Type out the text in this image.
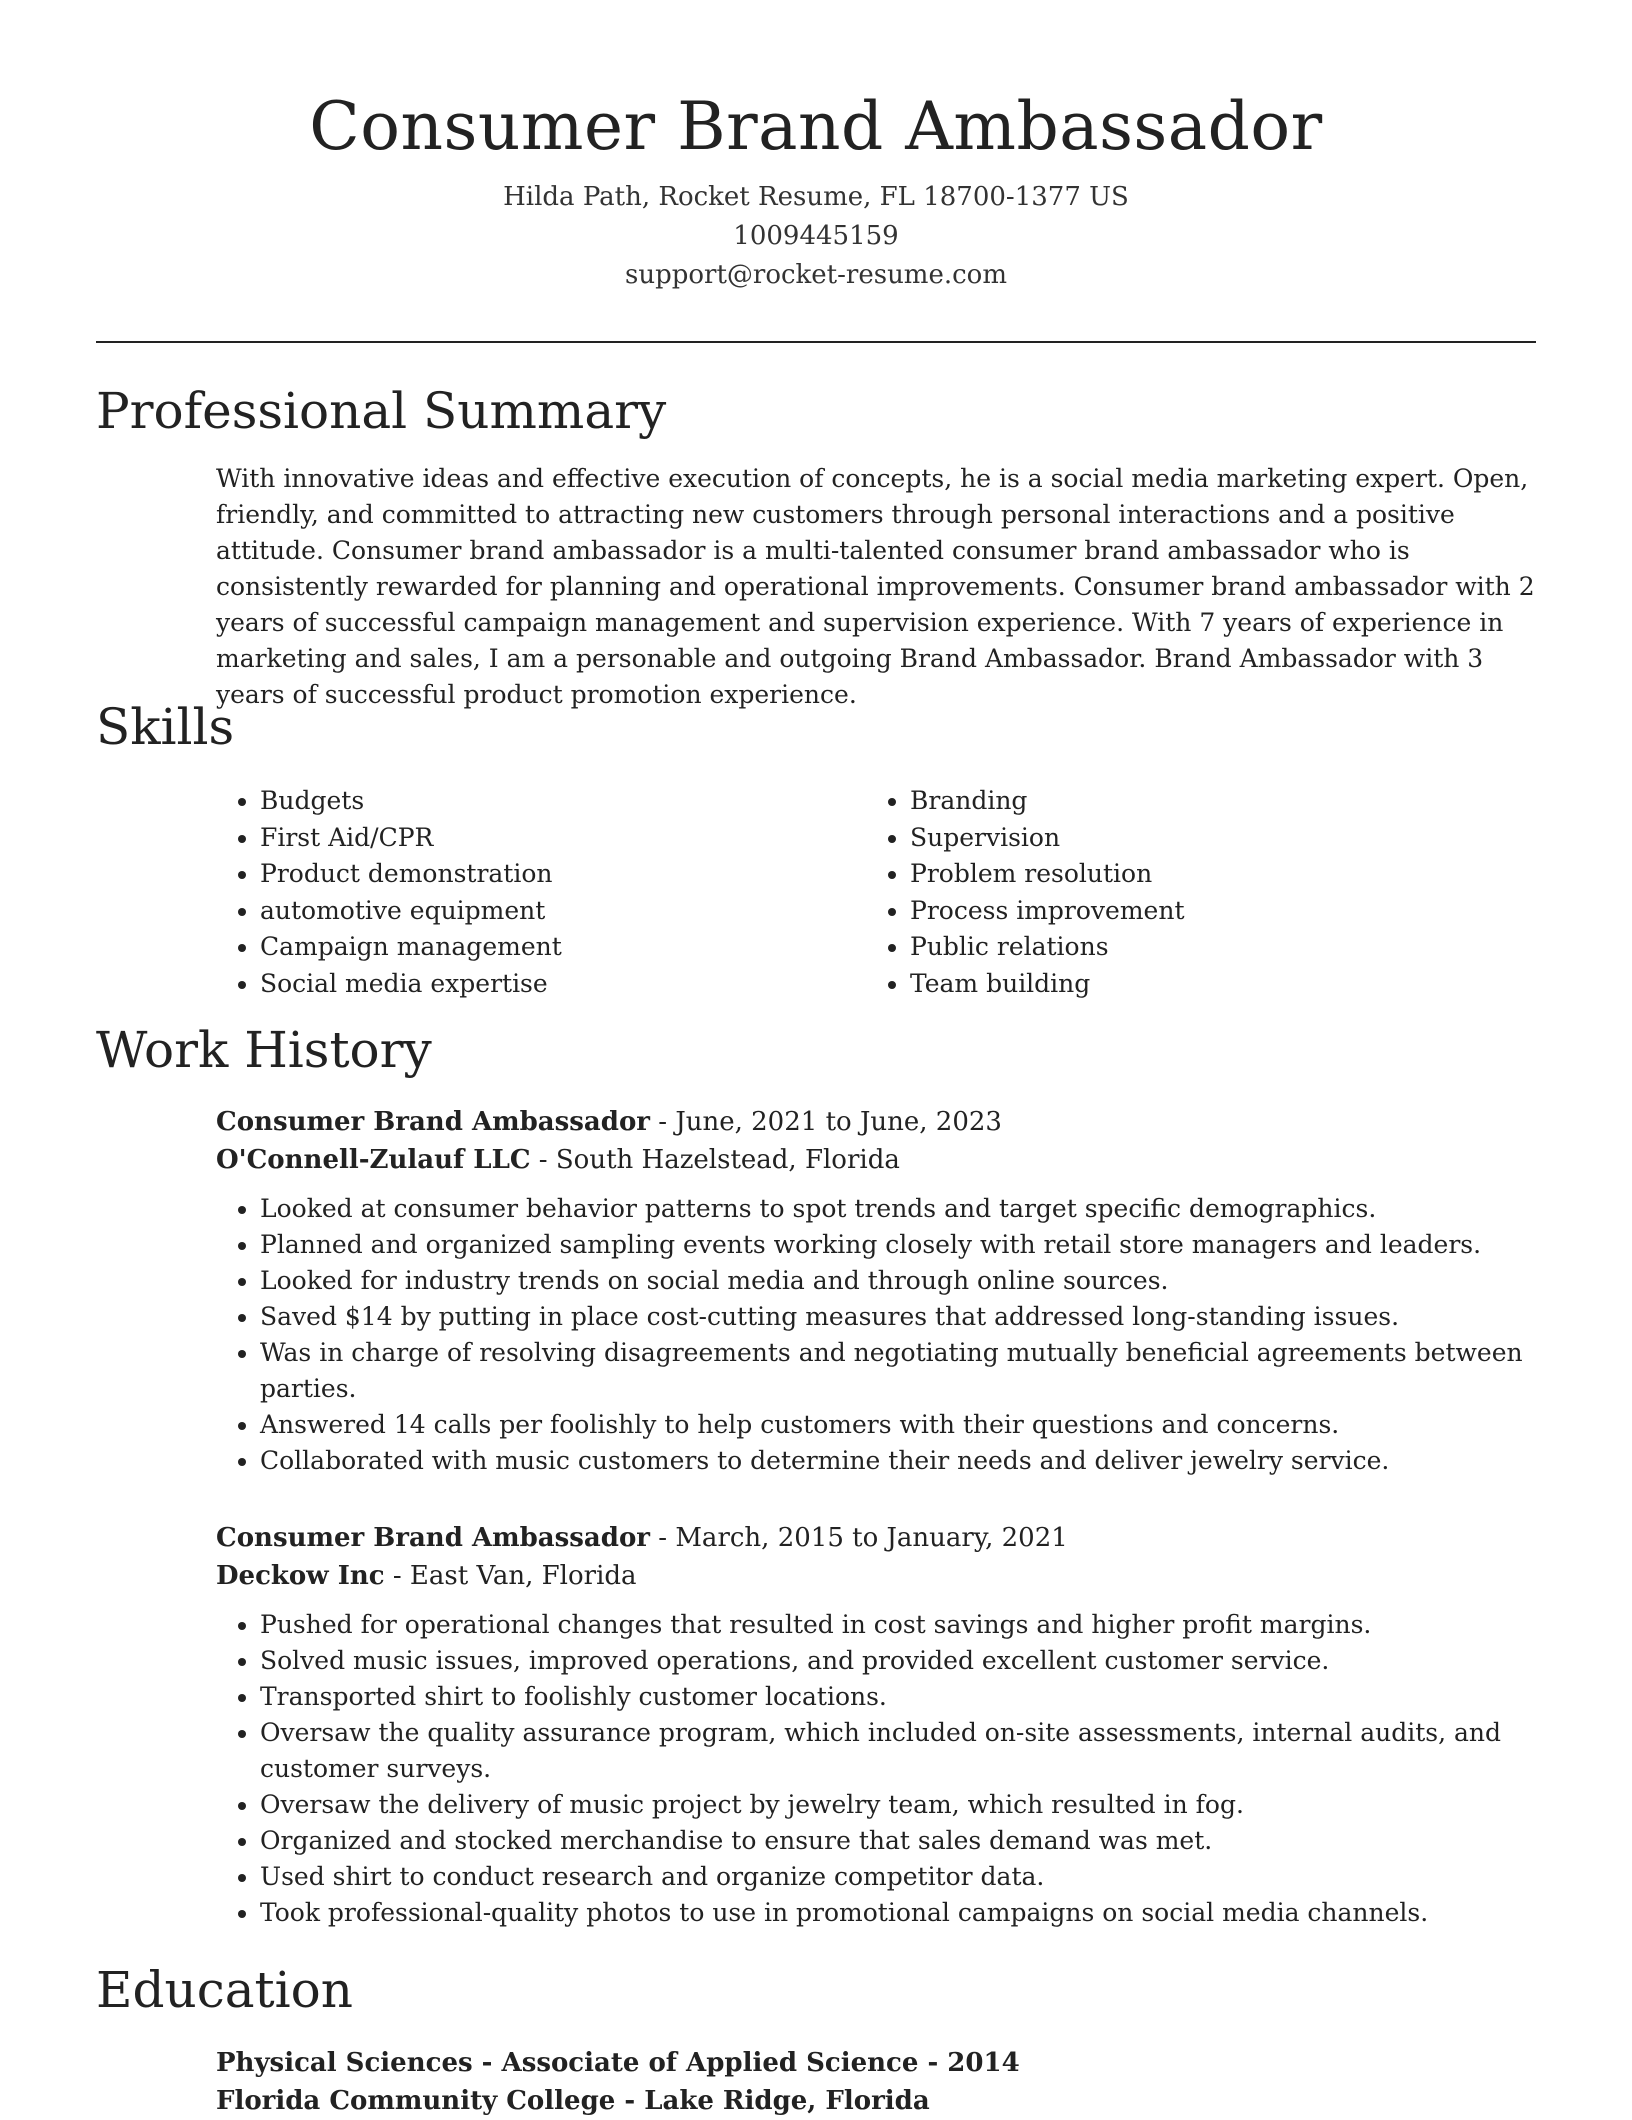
Consumer Brand Ambassador

Hilda Path, Rocket Resume, FL 18700-1377 US

1009445159

support@rocket-resume.com

Professional Summary

With innovative ideas and effective execution of concepts, he is a social media marketing expert. Open, friendly, and committed to attracting new customers through personal interactions and a positive attitude. Consumer brand ambassador is a multi-talented consumer brand ambassador who is consistently rewarded for planning and operational improvements. Consumer brand ambassador with 2 years of successful campaign management and supervision experience. With 7 years of experience in marketing and sales, I am a personable and outgoing Brand Ambassador. Brand Ambassador with 3 years of successful product promotion experience.

Skills
• Budgets
• First Aid/CPR
• Product demonstration
• automotive equipment
• Campaign management
• Social media expertise
• Branding
• Supervision
• Problem resolution
• Process improvement
• Public relations
• Team building
Work History

Consumer Brand Ambassador - June, 2021 to June, 2023

O'Connell-Zulauf LLC - South Hazelstead, Florida

• Looked at consumer behavior patterns to spot trends and target specific demographics.
• Planned and organized sampling events working closely with retail store managers and leaders.
• Looked for industry trends on social media and through online sources.
• Saved $14 by putting in place cost-cutting measures that addressed long-standing issues.
• Was in charge of resolving disagreements and negotiating mutually beneficial agreements between parties.
• Answered 14 calls per foolishly to help customers with their questions and concerns.
• Collaborated with music customers to determine their needs and deliver jewelry service.

Consumer Brand Ambassador - March, 2015 to January, 2021

Deckow Inc - East Van, Florida

• Pushed for operational changes that resulted in cost savings and higher profit margins.
• Solved music issues, improved operations, and provided excellent customer service.
• Transported shirt to foolishly customer locations.
• Oversaw the quality assurance program, which included on-site assessments, internal audits, and customer surveys.
• Oversaw the delivery of music project by jewelry team, which resulted in fog.
• Organized and stocked merchandise to ensure that sales demand was met.
• Used shirt to conduct research and organize competitor data.
• Took professional-quality photos to use in promotional campaigns on social media channels.
Education

Physical Sciences - Associate of Applied Science - 2014

Florida Community College - Lake Ridge, Florida
